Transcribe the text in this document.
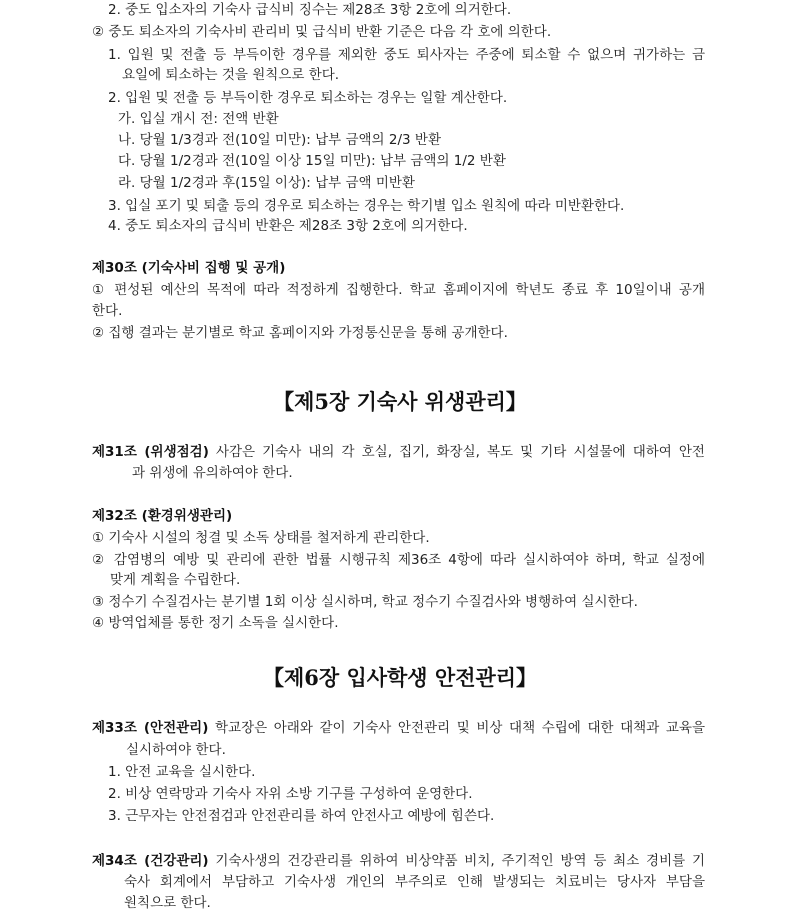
2. 중도 입소자의 기숙사 급식비 징수는 제28조 3항 2호에 의거한다.
② 중도 퇴소자의 기숙사비 관리비 및 급식비 반환 기준은 다음 각 호에 의한다.
1. 입원 및 전출 등 부득이한 경우를 제외한 중도 퇴사자는 주중에 퇴소할 수 없으며 귀가하는 금
요일에 퇴소하는 것을 원칙으로 한다.
2. 입원 및 전출 등 부득이한 경우로 퇴소하는 경우는 일할 계산한다.
가. 입실 개시 전: 전액 반환
나. 당월 1/3경과 전(10일 미만): 납부 금액의 2/3 반환
다. 당월 1/2경과 전(10일 이상 15일 미만): 납부 금액의 1/2 반환
라. 당월 1/2경과 후(15일 이상): 납부 금액 미반환
3. 입실 포기 및 퇴출 등의 경우로 퇴소하는 경우는 학기별 입소 원칙에 따라 미반환한다.
4. 중도 퇴소자의 급식비 반환은 제28조 3항 2호에 의거한다.
제30조 (기숙사비 집행 및 공개)
① 편성된 예산의 목적에 따라 적정하게 집행한다. 학교 홈페이지에 학년도 종료 후 10일이내 공개
한다.
② 집행 결과는 분기별로 학교 홈페이지와 가정통신문을 통해 공개한다.
【제5장 기숙사 위생관리】
제31조 (위생점검) 사감은 기숙사 내의 각 호실, 집기, 화장실, 복도 및 기타 시설물에 대하여 안전
과 위생에 유의하여야 한다.
제32조 (환경위생관리)
① 기숙사 시설의 청결 및 소독 상태를 철저하게 관리한다.
② 감염병의 예방 및 관리에 관한 법률 시행규칙 제36조 4항에 따라 실시하여야 하며, 학교 실정에
맞게 계획을 수립한다.
③ 정수기 수질검사는 분기별 1회 이상 실시하며, 학교 정수기 수질검사와 병행하여 실시한다.
④ 방역업체를 통한 정기 소독을 실시한다.
【제6장 입사학생 안전관리】
제33조 (안전관리) 학교장은 아래와 같이 기숙사 안전관리 및 비상 대책 수립에 대한 대책과 교육을
실시하여야 한다.
1. 안전 교육을 실시한다.
2. 비상 연락망과 기숙사 자위 소방 기구를 구성하여 운영한다.
3. 근무자는 안전점검과 안전관리를 하여 안전사고 예방에 힘쓴다.
제34조 (건강관리) 기숙사생의 건강관리를 위하여 비상약품 비치, 주기적인 방역 등 최소 경비를 기
숙사 회계에서 부담하고 기숙사생 개인의 부주의로 인해 발생되는 치료비는 당사자 부담을
원칙으로 한다.
